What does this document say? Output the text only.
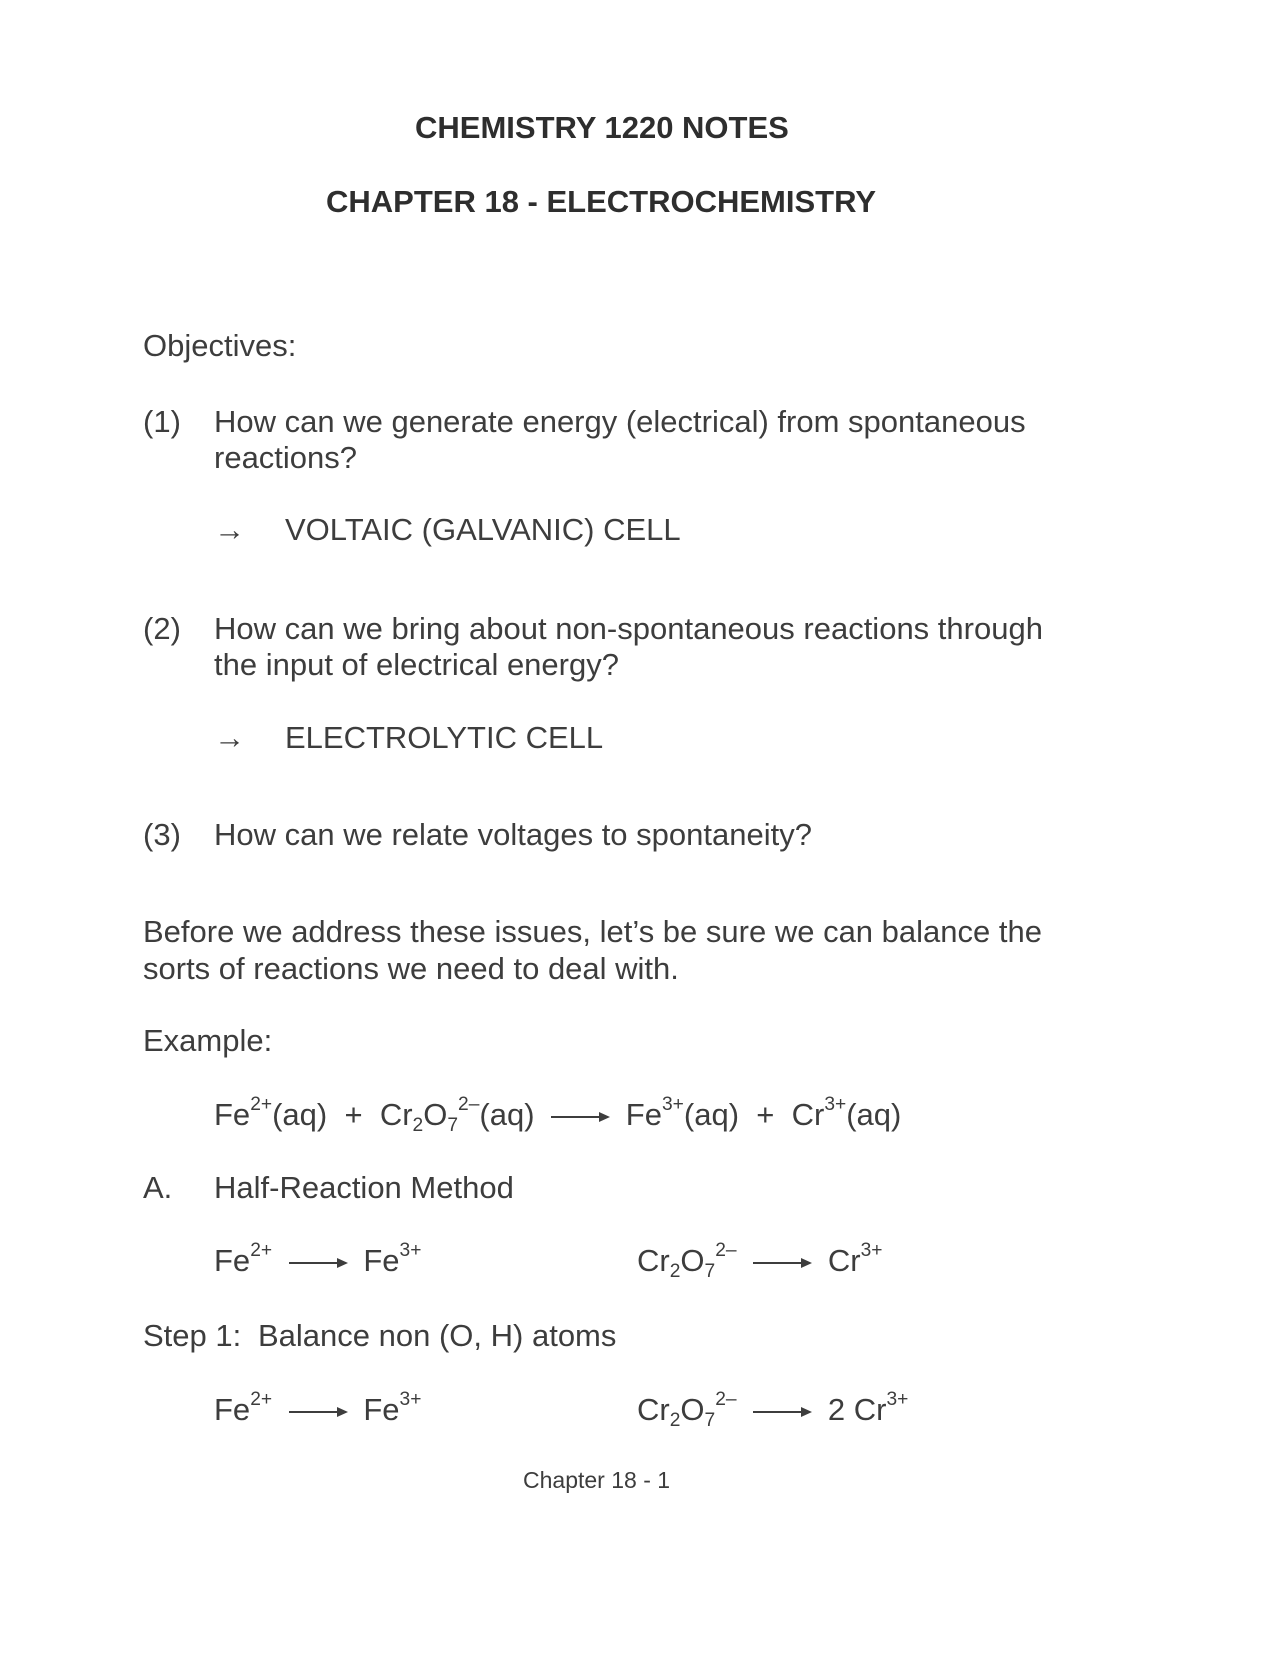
CHEMISTRY 1220 NOTES
CHAPTER 18 - ELECTROCHEMISTRY
Objectives:
(1) How can we generate energy (electrical) from spontaneous
reactions?
→ VOLTAIC (GALVANIC) CELL
(2) How can we bring about non-spontaneous reactions through
the input of electrical energy?
→ ELECTROLYTIC CELL
(3) How can we relate voltages to spontaneity?
Before we address these issues, let’s be sure we can balance the
sorts of reactions we need to deal with.
Example:
$Fe^{2+}(aq) + Cr_2O_7^{2-}(aq) \to Fe^{3+}(aq) + Cr^{3+}(aq)$
A. Half-Reaction Method
$Fe^{2+} \to Fe^{3+}$	$Cr_2O_7^{2-} \to Cr^{3+}$
Step 1: Balance non (O, H) atoms
$Fe^{2+} \to Fe^{3+}$	$Cr_2O_7^{2-} \to 2$ $Cr^{3+}$
Chapter 18 - 1
